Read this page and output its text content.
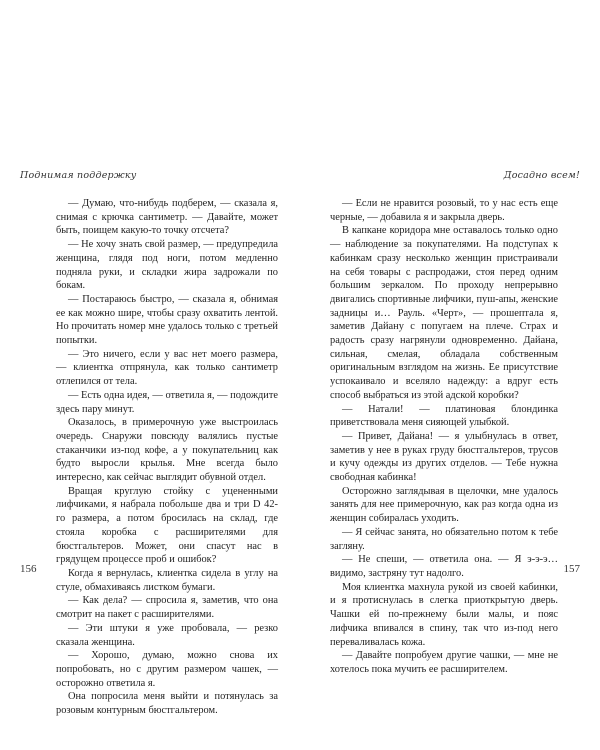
Поднимая поддержку

— Думаю, что-нибудь подберем, — сказала я, снимая с крючка сантиметр. — Давайте, может быть, поищем какую-то точку отсчета?

— Не хочу знать свой размер, — предупредила женщина, глядя под ноги, потом медленно подняла руки, и складки жира задрожали по бокам.

— Постараюсь быстро, — сказала я, обнимая ее как можно шире, чтобы сразу охватить лентой. Но прочитать номер мне удалось только с третьей попытки.

— Это ничего, если у вас нет моего размера, — клиентка отпрянула, как только сантиметр отлепился от тела.

— Есть одна идея, — ответила я, — подождите здесь пару минут.

Оказалось, в примерочную уже выстроилась очередь. Снаружи повсюду валялись пустые стаканчики из-под кофе, а у покупательниц как будто выросли крылья. Мне всегда было интересно, как сейчас выглядит обувной отдел.

Вращая круглую стойку с уцененными лифчиками, я набрала побольше два и три D 42-го размера, а потом бросилась на склад, где стояла коробка с расширителями для бюстгальтеров. Может, они спасут нас в грядущем процессе проб и ошибок?

Когда я вернулась, клиентка сидела в углу на стуле, обмахиваясь листком бумаги.

— Как дела? — спросила я, заметив, что она смотрит на пакет с расширителями.

— Эти штуки я уже пробовала, — резко сказала женщина.

— Хорошо, думаю, можно снова их попробовать, но с другим размером чашек, — осторожно ответила я.

Она попросила меня выйти и потянулась за розовым контурным бюстгальтером.

156
Досадно всем!

— Если не нравится розовый, то у нас есть еще черные, — добавила я и закрыла дверь.

В капкане коридора мне оставалось только одно — наблюдение за покупателями. На подступах к кабинкам сразу несколько женщин пристраивали на себя товары с распродажи, стоя перед одним большим зеркалом. По проходу непрерывно двигались спортивные лифчики, пуш-апы, женские задницы и… Рауль. «Черт», — прошептала я, заметив Дайану с попугаем на плече. Страх и радость сразу нагрянули одновременно. Дайана, сильная, смелая, обладала собственным оригинальным взглядом на жизнь. Ее присутствие успокаивало и вселяло надежду: а вдруг есть способ выбраться из этой адской коробки?

— Натали! — платиновая блондинка приветствовала меня сияющей улыбкой.

— Привет, Дайана! — я улыбнулась в ответ, заметив у нее в руках груду бюстгальтеров, трусов и кучу одежды из других отделов. — Тебе нужна свободная кабинка!

Осторожно заглядывая в щелочки, мне удалось занять для нее примерочную, как раз когда одна из женщин собиралась уходить.

— Я сейчас занята, но обязательно потом к тебе загляну.

— Не спеши, — ответила она. — Я э-э-э… видимо, застряну тут надолго.

Моя клиентка махнула рукой из своей кабинки, и я протиснулась в слегка приоткрытую дверь. Чашки ей по-прежнему были малы, и пояс лифчика впивался в спину, так что из-под него переваливалась кожа.

— Давайте попробуем другие чашки, — мне не хотелось пока мучить ее расширителем.

157
